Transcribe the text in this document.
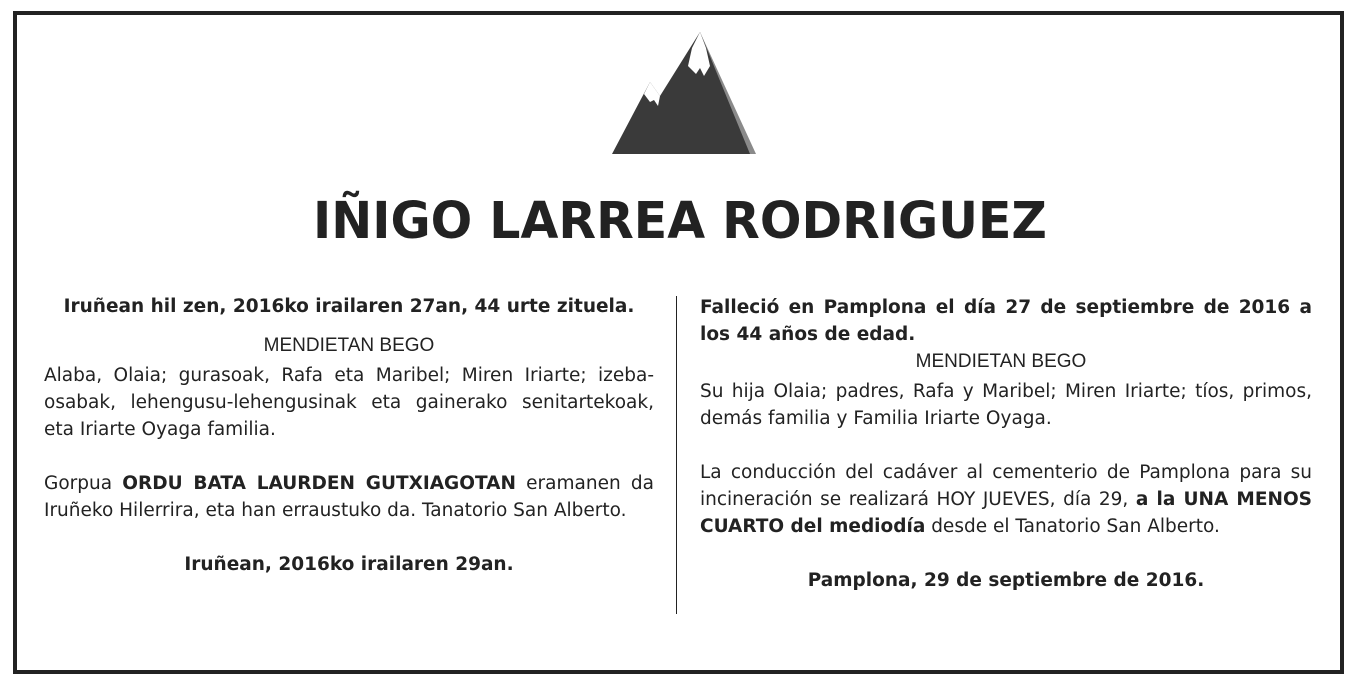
IÑIGO LARREA RODRIGUEZ

Iruñean hil zen, 2016ko irailaren 27an, 44 urte zituela.

MENDIETAN BEGO

Alaba, Olaia; gurasoak, Rafa eta Maribel; Miren Iriarte; izeba-osabak, lehengusu-lehengusinak eta gainerako senitartekoak, eta Iriarte Oyaga familia.

Gorpua ORDU BATA LAURDEN GUTXIAGOTAN eramanen da Iruñeko Hilerrira, eta han erraustuko da. Tanatorio San Alberto.

Iruñean, 2016ko irailaren 29an.

Falleció en Pamplona el día 27 de septiembre de 2016 a los 44 años de edad.

MENDIETAN BEGO

Su hija Olaia; padres, Rafa y Maribel; Miren Iriarte; tíos, primos, demás familia y Familia Iriarte Oyaga.

La conducción del cadáver al cementerio de Pamplona para su incineración se realizará HOY JUEVES, día 29, a la UNA MENOS CUARTO del mediodía desde el Tanatorio San Alberto.

Pamplona, 29 de septiembre de 2016.
